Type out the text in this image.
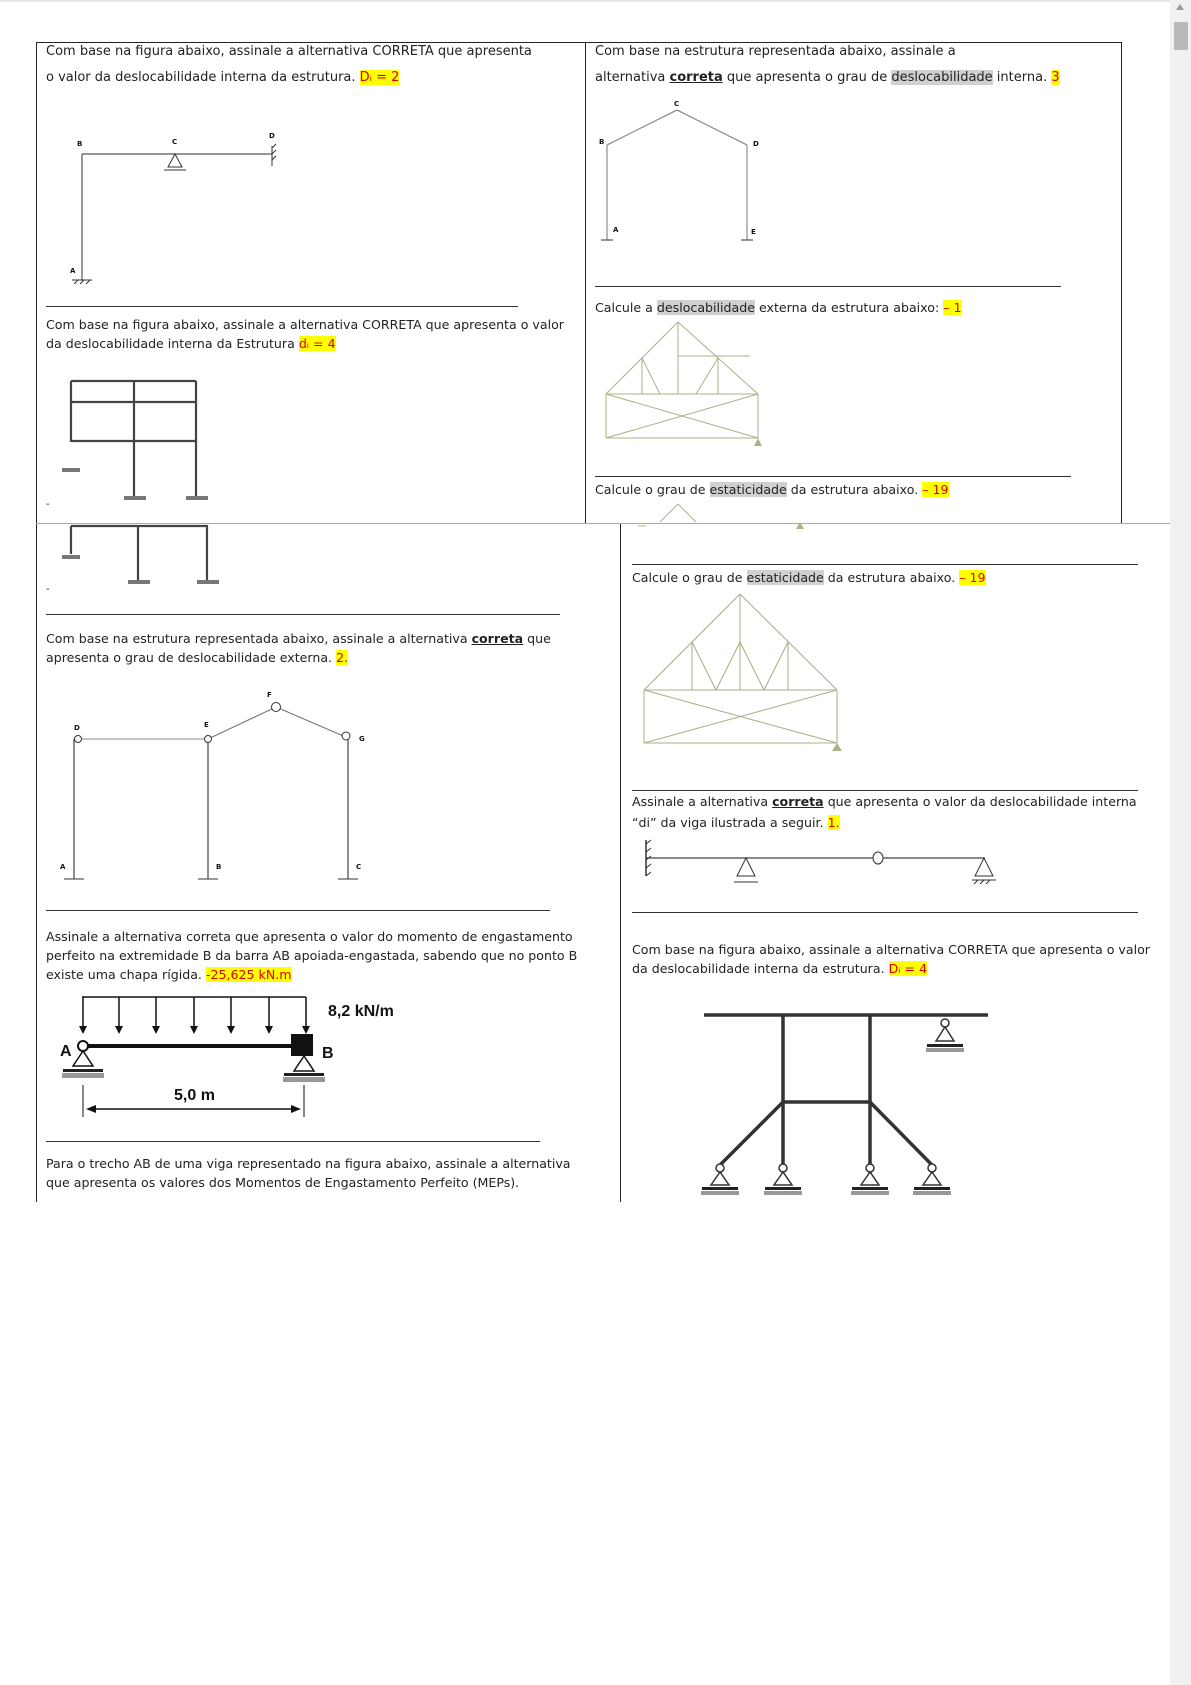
Com base na figura abaixo, assinale a alternativa CORRETA que apresenta
o valor da deslocabilidade interna da estrutura. Dᵢ = 2
B	C
D
A
Com base na figura abaixo, assinale a alternativa CORRETA que apresenta o valor
da deslocabilidade interna da Estrutura dᵢ = 4
-
Com base na estrutura representada abaixo, assinale a
alternativa correta que apresenta o grau de deslocabilidade interna. 3
B
C
D
A	E
Calcule a deslocabilidade externa da estrutura abaixo: – 1
Calcule o grau de estaticidade da estrutura abaixo. – 19
-
Com base na estrutura representada abaixo, assinale a alternativa correta que
apresenta o grau de deslocabilidade externa. 2.
D	E
F
G
A	B	C
Assinale a alternativa correta que apresenta o valor do momento de engastamento
perfeito na extremidade B da barra AB apoiada-engastada, sabendo que no ponto B
existe uma chapa rígida. -25,625 kN.m
8,2 kN/m
A	B
5,0 m
Para o trecho AB de uma viga representado na figura abaixo, assinale a alternativa
que apresenta os valores dos Momentos de Engastamento Perfeito (MEPs).
Calcule o grau de estaticidade da estrutura abaixo. – 19
Assinale a alternativa correta que apresenta o valor da deslocabilidade interna
“di” da viga ilustrada a seguir. 1.
Com base na figura abaixo, assinale a alternativa CORRETA que apresenta o valor
da deslocabilidade interna da estrutura. Dᵢ = 4
